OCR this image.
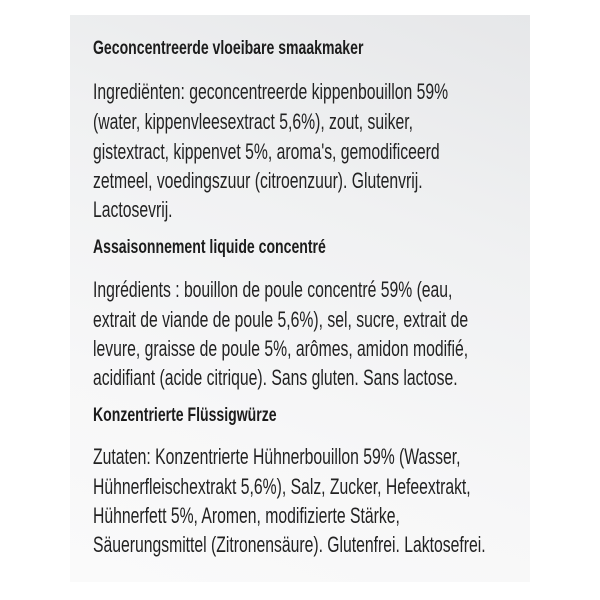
Geconcentreerde vloeibare smaakmaker
Ingrediënten: geconcentreerde kippenbouillon 59%
(water, kippenvleesextract 5,6%), zout, suiker,
gistextract, kippenvet 5%, aroma's, gemodificeerd
zetmeel, voedingszuur (citroenzuur). Glutenvrij.
Lactosevrij.
Assaisonnement liquide concentré
Ingrédients : bouillon de poule concentré 59% (eau,
extrait de viande de poule 5,6%), sel, sucre, extrait de
levure, graisse de poule 5%, arômes, amidon modifié,
acidifiant (acide citrique). Sans gluten. Sans lactose.
Konzentrierte Flüssigwürze
Zutaten: Konzentrierte Hühnerbouillon 59% (Wasser,
Hühnerfleischextrakt 5,6%), Salz, Zucker, Hefeextrakt,
Hühnerfett 5%, Aromen, modifizierte Stärke,
Säuerungsmittel (Zitronensäure). Glutenfrei. Laktosefrei.
